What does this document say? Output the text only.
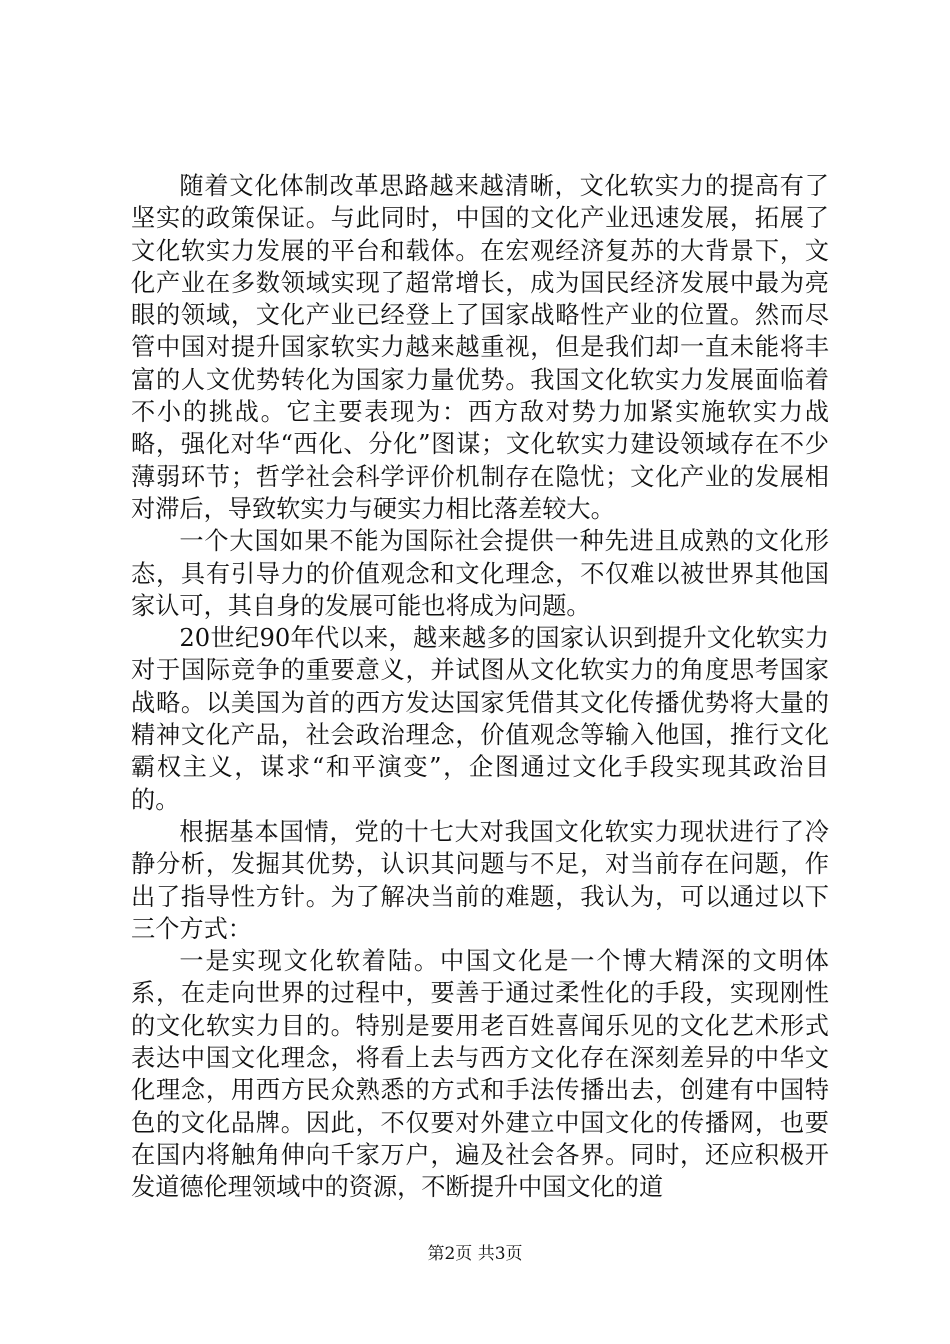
随着文化体制改革思路越来越清晰，文化软实力的提高有了坚实的政策保证。与此同时，中国的文化产业迅速发展，拓展了文化软实力发展的平台和载体。在宏观经济复苏的大背景下，文化产业在多数领域实现了超常增长，成为国民经济发展中最为亮眼的领域，文化产业已经登上了国家战略性产业的位置。然而尽管中国对提升国家软实力越来越重视，但是我们却一直未能将丰富的人文优势转化为国家力量优势。我国文化软实力发展面临着不小的挑战。它主要表现为：西方敌对势力加紧实施软实力战略，强化对华“西化、分化”图谋；文化软实力建设领域存在不少薄弱环节；哲学社会科学评价机制存在隐忧；文化产业的发展相对滞后，导致软实力与硬实力相比落差较大。

一个大国如果不能为国际社会提供一种先进且成熟的文化形态，具有引导力的价值观念和文化理念，不仅难以被世界其他国家认可，其自身的发展可能也将成为问题。

20世纪90年代以来，越来越多的国家认识到提升文化软实力对于国际竞争的重要意义，并试图从文化软实力的角度思考国家战略。以美国为首的西方发达国家凭借其文化传播优势将大量的精神文化产品，社会政治理念，价值观念等输入他国，推行文化霸权主义，谋求“和平演变”，企图通过文化手段实现其政治目的。

根据基本国情，党的十七大对我国文化软实力现状进行了冷静分析，发掘其优势，认识其问题与不足，对当前存在问题，作出了指导性方针。为了解决当前的难题，我认为，可以通过以下三个方式：

一是实现文化软着陆。中国文化是一个博大精深的文明体系，在走向世界的过程中，要善于通过柔性化的手段，实现刚性的文化软实力目的。特别是要用老百姓喜闻乐见的文化艺术形式表达中国文化理念，将看上去与西方文化存在深刻差异的中华文化理念，用西方民众熟悉的方式和手法传播出去，创建有中国特色的文化品牌。因此，不仅要对外建立中国文化的传播网，也要在国内将触角伸向千家万户，遍及社会各界。同时，还应积极开发道德伦理领域中的资源，不断提升中国文化的道

第2页 共3页
